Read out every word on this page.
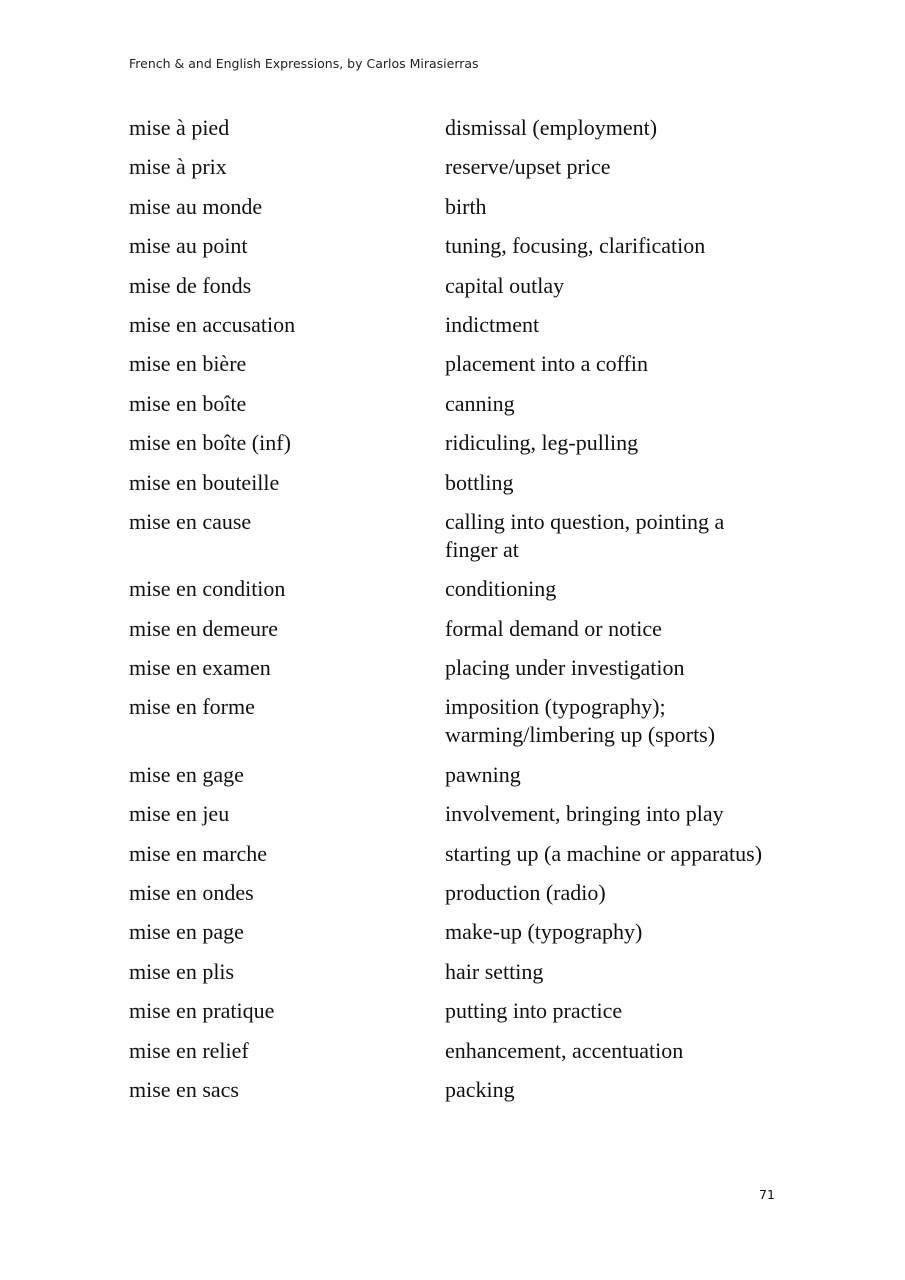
French & and English Expressions, by Carlos Mirasierras
mise à pied	dismissal (employment)
mise à prix	reserve/upset price
mise au monde	birth
mise au point	tuning, focusing, clarification
mise de fonds	capital outlay
mise en accusation	indictment
mise en bière	placement into a coffin
mise en boîte	canning
mise en boîte (inf)	ridiculing, leg-pulling
mise en bouteille	bottling
mise en cause	calling into question, pointing a finger at
mise en condition	conditioning
mise en demeure	formal demand or notice
mise en examen	placing under investigation
mise en forme	imposition (typography); warming/limbering up (sports)
mise en gage	pawning
mise en jeu	involvement, bringing into play
mise en marche	starting up (a machine or apparatus)
mise en ondes	production (radio)
mise en page	make-up (typography)
mise en plis	hair setting
mise en pratique	putting into practice
mise en relief	enhancement, accentuation
mise en sacs	packing
71
